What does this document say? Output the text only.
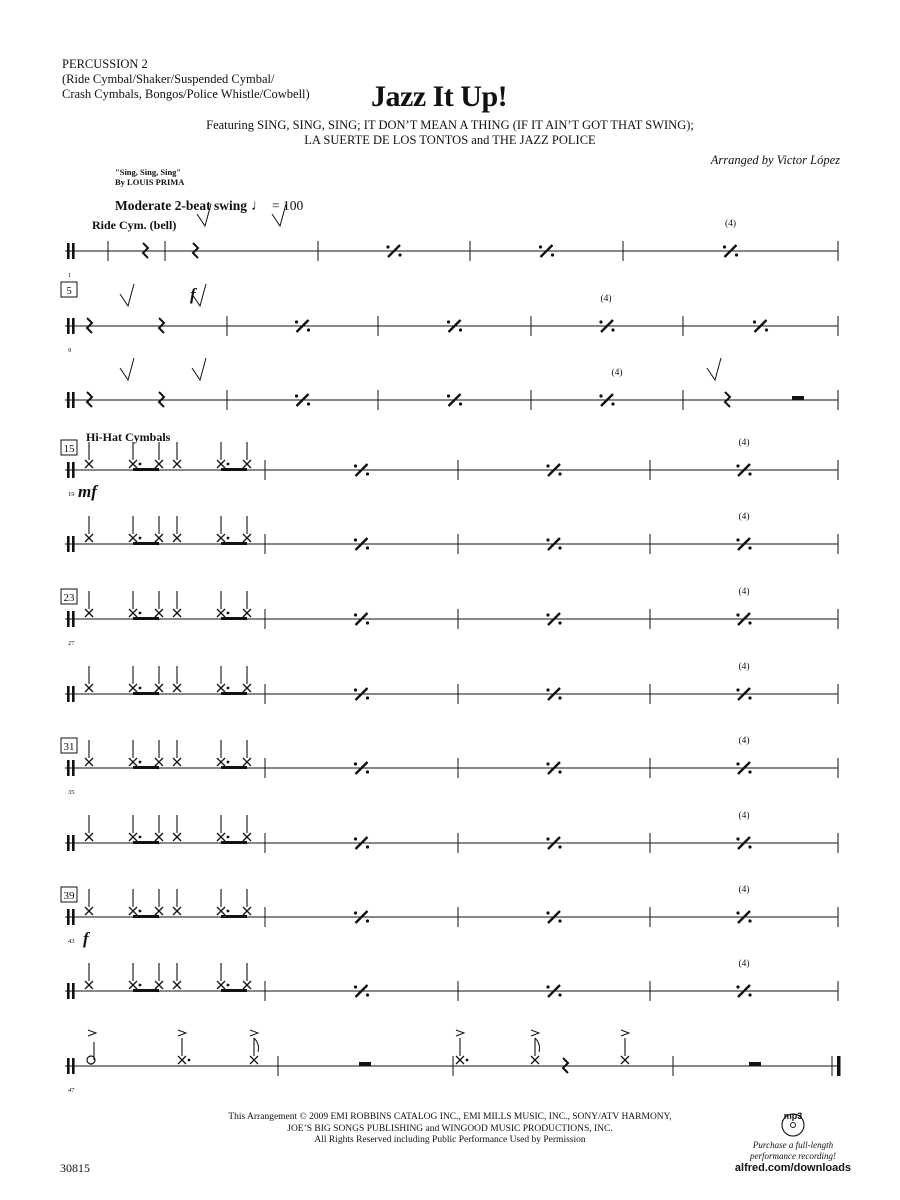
PERCUSSION 2
(Ride Cymbal/Shaker/Suspended Cymbal/
Crash Cymbals, Bongos/Police Whistle/Cowbell) Jazz It Up!
Featuring SING, SING, SING; IT DON’T MEAN A THING (IF IT AIN’T GOT THAT SWING);
LA SUERTE DE LOS TONTOS and THE JAZZ POLICE
Arranged by Victor López
"Sing, Sing, Sing"
By LOUIS PRIMA
Moderate 2-beat swing ♩ = 100
1
(4)
9
5	f	(4)
(4)
19
15
mf
(4)
(4)
27
23	(4)
(4)
35
31	(4)
(4)
43
39
f
(4)
(4)
47
Ride Cym. (bell)
Hi-Hat Cymbals
This Arrangement © 2009 EMI ROBBINS CATALOG INC., EMI MILLS MUSIC, INC., SONY/ATV HARMONY,
JOE’S BIG SONGS PUBLISHING and WINGOOD MUSIC PRODUCTIONS, INC.
All Rights Reserved including Public Performance Used by Permission
30815
mp3
Purchase a full-length
performance recording!
alfred.com/downloads
